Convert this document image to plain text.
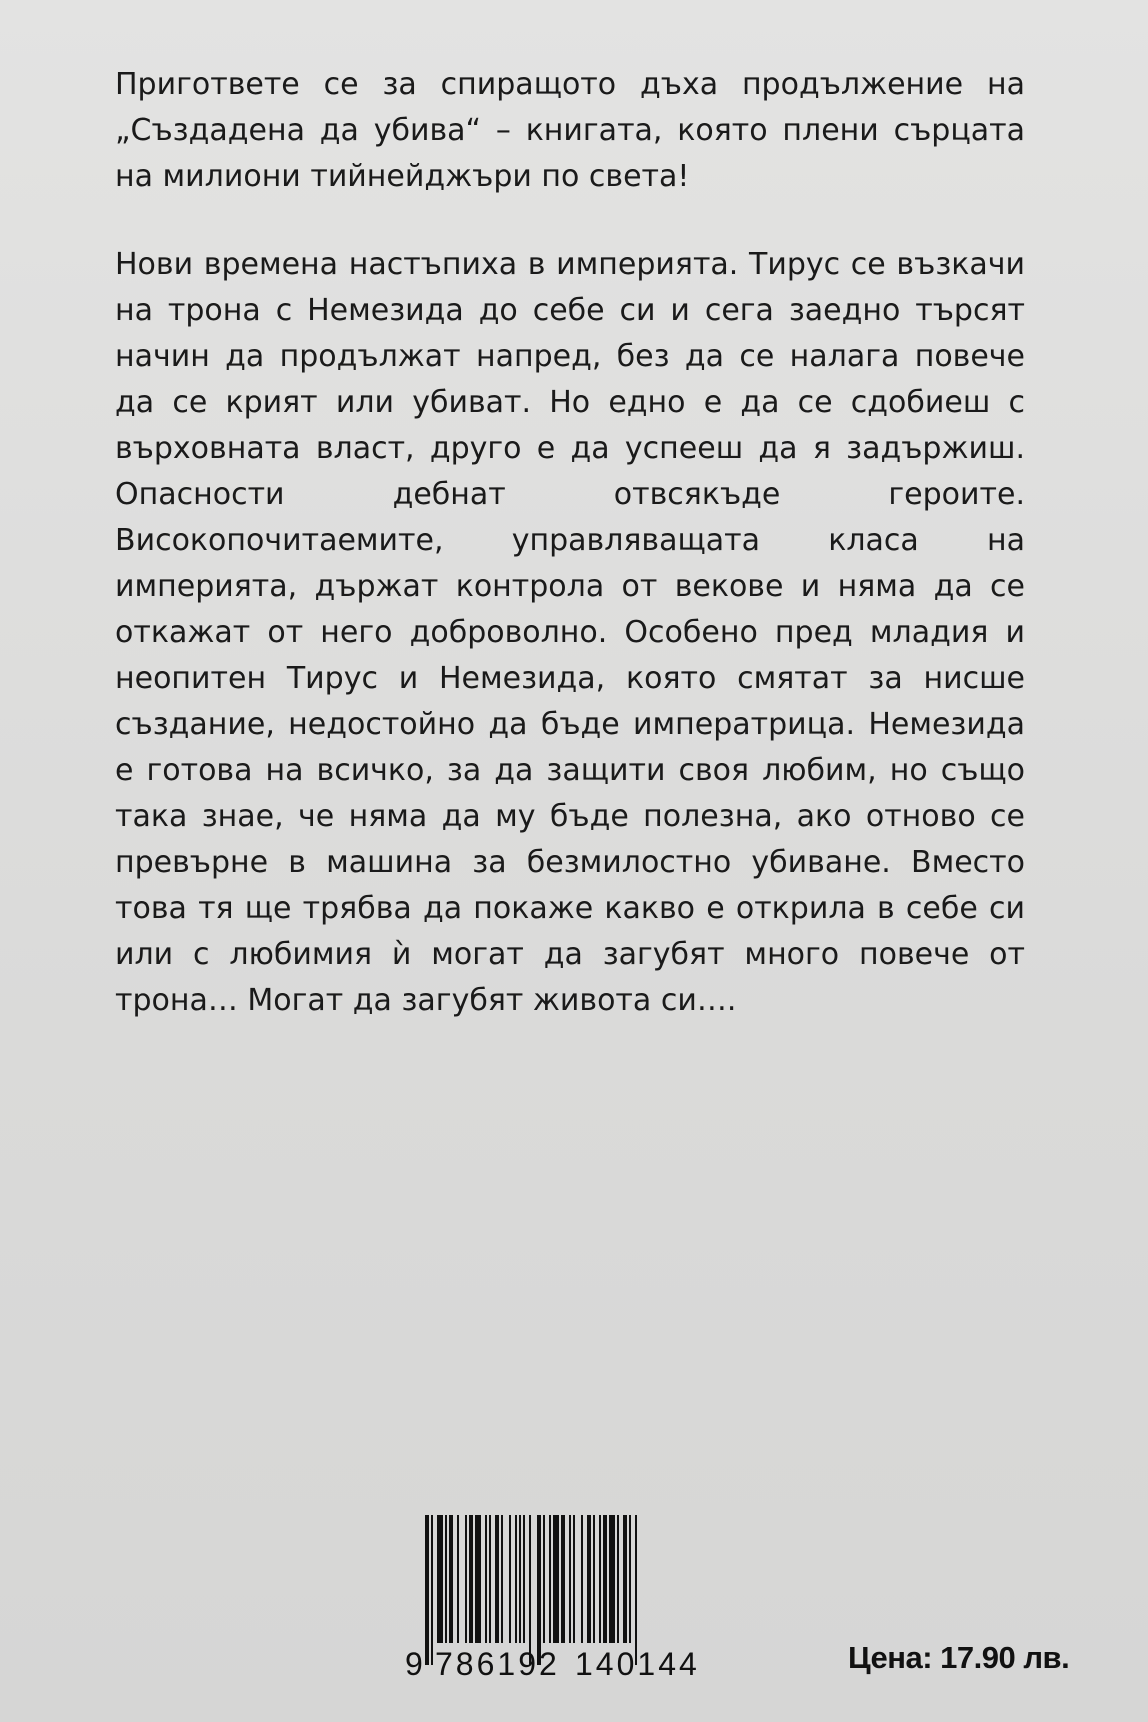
Пригответе се за спиращото дъха продължение на „Създадена да убива“ – книгата, която плени сърцата на милиони тийнейджъри по света!

Нови времена настъпиха в империята. Тирус се възкачи на трона с Немезида до себе си и сега заедно търсят начин да продължат напред, без да се налага повече да се крият или убиват. Но едно е да се сдобиеш с върховната власт, друго е да успееш да я задържиш. Опасности дебнат отвсякъде героите. Високопочитаемите, управляващата класа на империята, държат контрола от векове и няма да се откажат от него доброволно. Особено пред младия и неопитен Тирус и Немезида, която смятат за нисше създание, недостойно да бъде императрица. Немезида е готова на всичко, за да защити своя любим, но също така знае, че няма да му бъде полезна, ако отново се превърне в машина за безмилостно убиване. Вместо това тя ще трябва да покаже какво е открила в себе си или с любимия ѝ могат да загубят много повече от трона… Могат да загубят живота си….

9 786192 140144	Цена: 17.90 лв.
